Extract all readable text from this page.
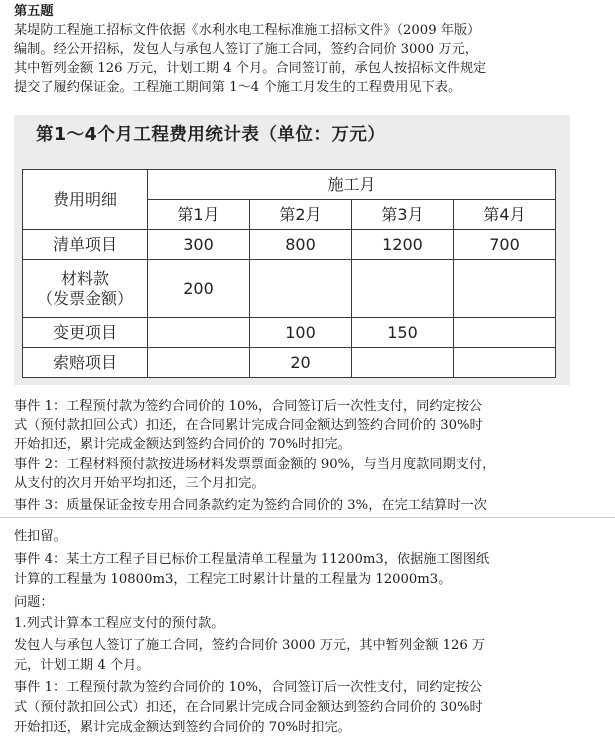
第五题
某堤防工程施工招标文件依据《水利水电工程标准施工招标文件》（2009 年版）
编制。经公开招标，发包人与承包人签订了施工合同，签约合同价 3000 万元，
其中暂列金额 126 万元，计划工期 4 个月。合同签订前，承包人按招标文件规定
提交了履约保证金。工程施工期间第 1～4 个施工月发生的工程费用见下表。
第1～4个月工程费用统计表（单位：万元）
费用明细	施工月			
	第1月	第2月	第3月	第4月
清单项目	300	800	1200	700

材料款
（发票金额）	200			
变更项目		100	150	
索赔项目		20		
事件 1：工程预付款为签约合同价的 10%，合同签订后一次性支付，同约定按公
式（预付款扣回公式）扣还，在合同累计完成合同金额达到签约合同价的 30%时
开始扣还，累计完成金额达到签约合同价的 70%时扣完。
事件 2：工程材料预付款按进场材料发票票面金额的 90%，与当月度款同期支付，
从支付的次月开始平均扣还，三个月扣完。
事件 3：质量保证金按专用合同条款约定为签约合同价的 3%，在完工结算时一次
性扣留。
事件 4：某土方工程子目已标价工程量清单工程量为 11200m3，依据施工图图纸
计算的工程量为 10800m3，工程完工时累计计量的工程量为 12000m3。
问题：
1.列式计算本工程应支付的预付款。
发包人与承包人签订了施工合同，签约合同价 3000 万元，其中暂列金额 126 万
元，计划工期 4 个月。
事件 1：工程预付款为签约合同价的 10%，合同签订后一次性支付，同约定按公
式（预付款扣回公式）扣还，在合同累计完成合同金额达到签约合同价的 30%时
开始扣还，累计完成金额达到签约合同价的 70%时扣完。
